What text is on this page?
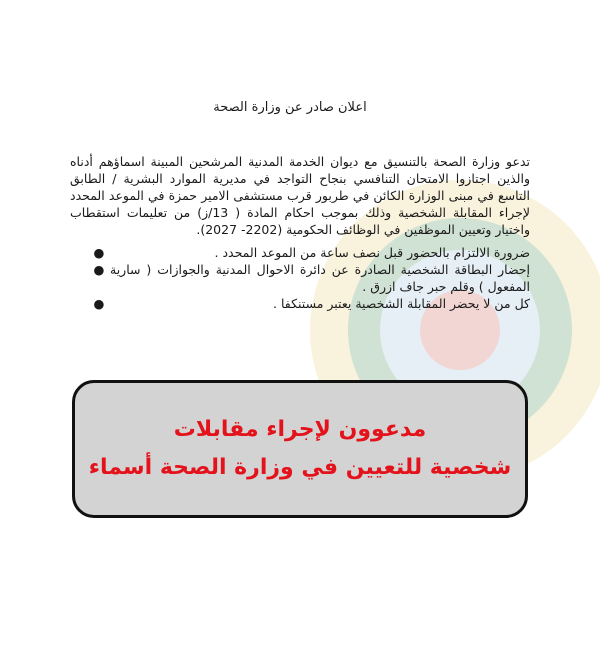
اعلان صادر عن وزارة الصحة

تدعو وزارة الصحة بالتنسيق مع ديوان الخدمة المدنية المرشحين المبينة اسماؤهم أدناه والذين اجتازوا الامتحان التنافسي بنجاح التواجد في مديرية الموارد البشرية / الطابق التاسع في مبنى الوزارة الكائن في طربور قرب مستشفى الامير حمزة في الموعد المحدد لإجراء المقابلة الشخصية وذلك بموجب احكام المادة ( 13/ز) من تعليمات استقطاب واختيار وتعيين الموظفين في الوظائف الحكومية (2202- 2027).

●	ضرورة الالتزام بالحضور قبل نصف ساعة من الموعد المحدد .
● إحضار البطاقة الشخصية الصادرة عن دائرة الاحوال المدنية والجوازات ( سارية المفعول ) وقلم حبر جاف ازرق .
●	كل من لا يحضر المقابلة الشخصية يعتبر مستنكفا .
مدعوون لإجراء مقابلات
شخصية للتعيين في وزارة الصحة أسماء
